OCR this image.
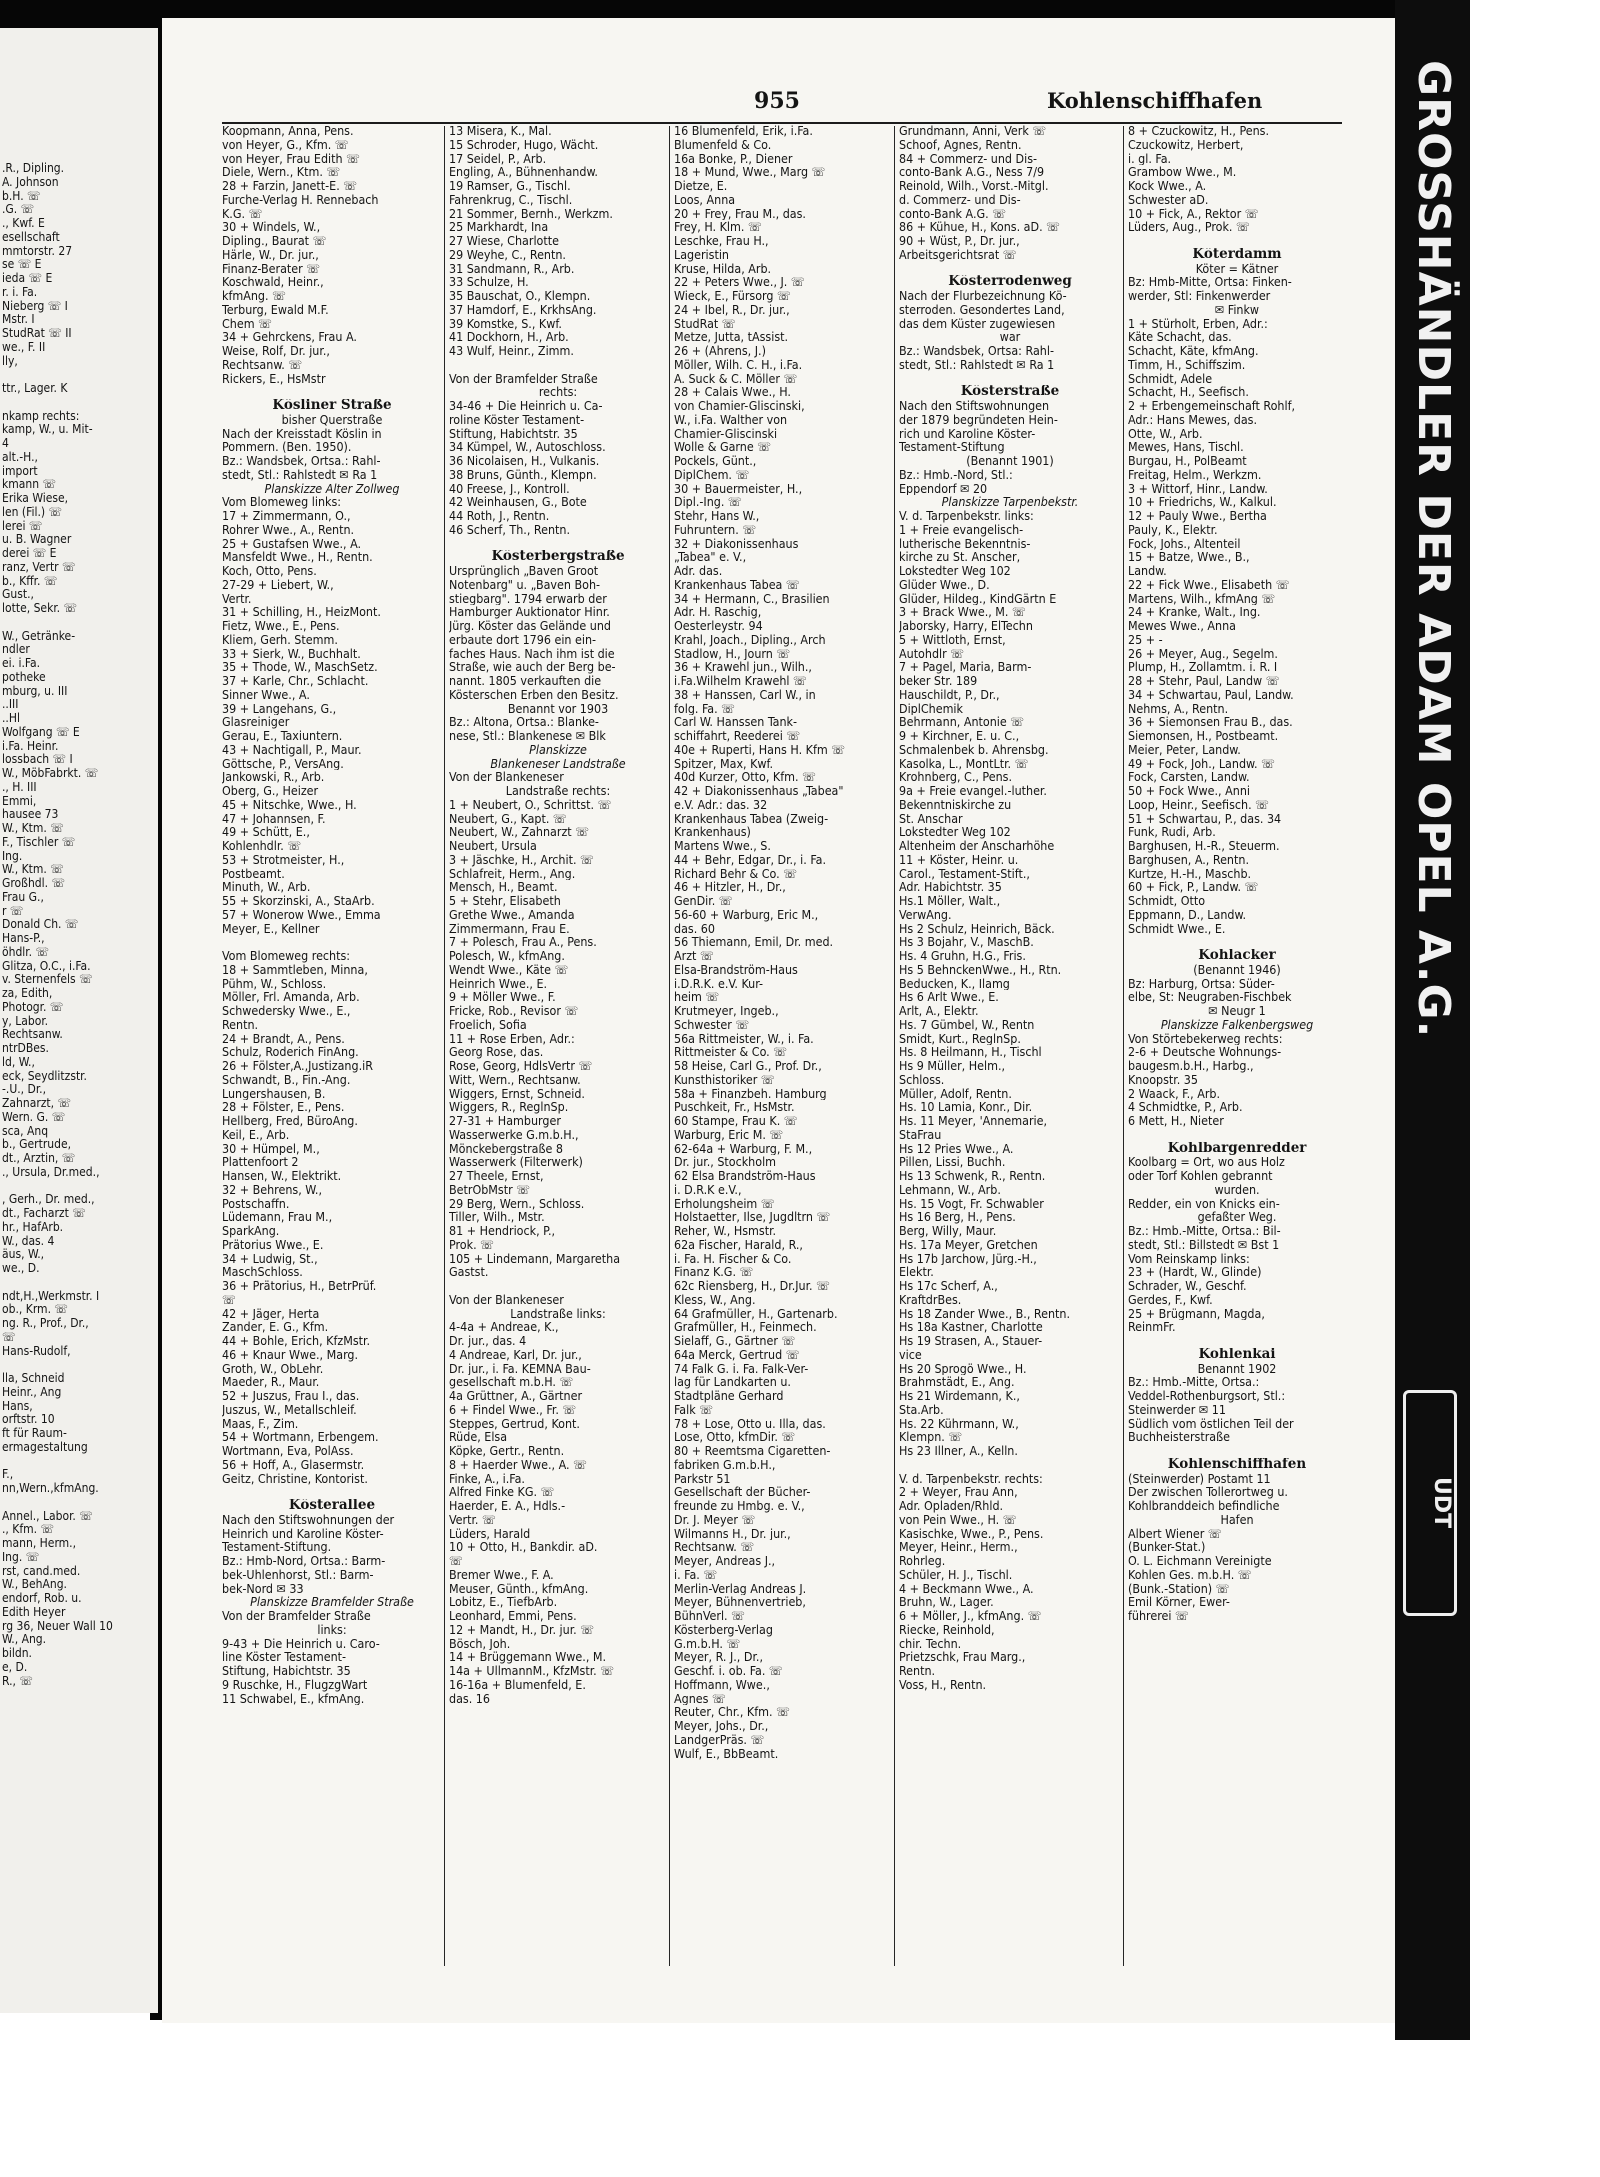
.R., Dipling.
A. Johnson
b.H. ☏
.G. ☏
., Kwf. E
esellschaft
mmtorstr. 27
se ☏ E
ieda ☏ E
r. i. Fa.
Nieberg ☏ I
Mstr. I
StudRat ☏ II
we., F. II
lly,

ttr., Lager. K

nkamp rechts:
kamp, W., u. Mit-
4
alt.-H.,
import
kmann ☏
Erika Wiese,
len (Fil.) ☏
lerei ☏
u. B. Wagner
derei ☏ E
ranz, Vertr ☏
b., Kffr. ☏
Gust.,
lotte, Sekr. ☏

W., Getränke-
ndler
ei. i.Fa.
potheke
mburg, u. III
..III
..Hl
Wolfgang ☏ E
i.Fa. Heinr.
lossbach ☏ I
W., MöbFabrkt. ☏
., H. III
Emmi,
hausee 73
W., Ktm. ☏
F., Tischler ☏
Ing.
W., Ktm. ☏
Großhdl. ☏
Frau G.,
r ☏
Donald Ch. ☏
Hans-P.,
öhdlr. ☏
Glitza, O.C., i.Fa.
v. Sternenfels ☏
za, Edith,
Photogr. ☏
y, Labor.
Rechtsanw.
ntrDBes.
ld, W.,
eck, Seydlitzstr.
-.U., Dr.,
Zahnarzt, ☏
Wern. G. ☏
sca, Anq
b., Gertrude,
dt., Arztin, ☏
., Ursula, Dr.med.,

, Gerh., Dr. med.,
dt., Facharzt ☏
hr., HafArb.
W., das. 4
äus, W.,
we., D.

ndt,H.,Werkmstr. I
ob., Krm. ☏
ng. R., Prof., Dr.,
☏
Hans-Rudolf,

lla, Schneid
Heinr., Ang
Hans,
orftstr. 10
ft für Raum-
ermagestaltung

F.,
nn,Wern.,kfmAng.

Annel., Labor. ☏
., Kfm. ☏
mann, Herm.,
Ing. ☏
rst, cand.med.
W., BehAng.
endorf, Rob. u.
Edith Heyer
rg 36, Neuer Wall 10
W., Ang.
bildn.
e, D.
R., ☏
955	Kohlenschiffhafen
Koopmann, Anna, Pens.
von Heyer, G., Kfm. ☏
von Heyer, Frau Edith ☏
Diele, Wern., Ktm. ☏
28 + Farzin, Janett-E. ☏
Furche-Verlag H. Rennebach
K.G. ☏
30 + Windels, W.,
Dipling., Baurat ☏
Härle, W., Dr. jur.,
Finanz-Berater ☏
Koschwald, Heinr.,
kfmAng. ☏
Terburg, Ewald M.F.
Chem ☏
34 + Gehrckens, Frau A.
Weise, Rolf, Dr. jur.,
Rechtsanw. ☏
Rickers, E., HsMstr

Kösliner Straße
bisher Querstraße
Nach der Kreisstadt Köslin in
Pommern. (Ben. 1950).
Bz.: Wandsbek, Ortsa.: Rahl-
stedt, Stl.: Rahlstedt ✉ Ra 1
Planskizze Alter Zollweg
Vom Blomeweg links:
17 + Zimmermann, O.,
Rohrer Wwe., A., Rentn.
25 + Gustafsen Wwe., A.
Mansfeldt Wwe., H., Rentn.
Koch, Otto, Pens.
27-29 + Liebert, W.,
Vertr.
31 + Schilling, H., HeizMont.
Fietz, Wwe., E., Pens.
Kliem, Gerh. Stemm.
33 + Sierk, W., Buchhalt.
35 + Thode, W., MaschSetz.
37 + Karle, Chr., Schlacht.
Sinner Wwe., A.
39 + Langehans, G.,
Glasreiniger
Gerau, E., Taxiuntern.
43 + Nachtigall, P., Maur.
Göttsche, P., VersAng.
Jankowski, R., Arb.
Oberg, G., Heizer
45 + Nitschke, Wwe., H.
47 + Johannsen, F.
49 + Schütt, E.,
Kohlenhdlr. ☏
53 + Strotmeister, H.,
Postbeamt.
Minuth, W., Arb.
55 + Skorzinski, A., StaArb.
57 + Wonerow Wwe., Emma
Meyer, E., Kellner

Vom Blomeweg rechts:
18 + Sammtleben, Minna,
Pühm, W., Schloss.
Möller, Frl. Amanda, Arb.
Schwedersky Wwe., E.,
Rentn.
24 + Brandt, A., Pens.
Schulz, Roderich FinAng.
26 + Fölster,A.,Justizang.iR
Schwandt, B., Fin.-Ang.
Lungershausen, B.
28 + Fölster, E., Pens.
Hellberg, Fred, BüroAng.
Keil, E., Arb.
30 + Hümpel, M.,
Plattenfoort 2
Hansen, W., Elektrikt.
32 + Behrens, W.,
Postschaffn.
Lüdemann, Frau M.,
SparkAng.
Prätorius Wwe., E.
34 + Ludwig, St.,
MaschSchloss.
36 + Prätorius, H., BetrPrüf.
☏
42 + Jäger, Herta
Zander, E. G., Kfm.
44 + Bohle, Erich, KfzMstr.
46 + Knaur Wwe., Marg.
Groth, W., ObLehr.
Maeder, R., Maur.
52 + Juszus, Frau I., das.
Juszus, W., Metallschleif.
Maas, F., Zim.
54 + Wortmann, Erbengem.
Wortmann, Eva, PolAss.
56 + Hoff, A., Glasermstr.
Geitz, Christine, Kontorist.

Kösterallee
Nach den Stiftswohnungen der
Heinrich und Karoline Köster-
Testament-Stiftung.
Bz.: Hmb-Nord, Ortsa.: Barm-
bek-Uhlenhorst, Stl.: Barm-
bek-Nord ✉ 33
Planskizze Bramfelder Straße
Von der Bramfelder Straße
links:
9-43 + Die Heinrich u. Caro-
line Köster Testament-
Stiftung, Habichtstr. 35
9 Ruschke, H., FlugzgWart
11 Schwabel, E., kfmAng.
13 Misera, K., Mal.
15 Schroder, Hugo, Wächt.
17 Seidel, P., Arb.
Engling, A., Bühnenhandw.
19 Ramser, G., Tischl.
Fahrenkrug, C., Tischl.
21 Sommer, Bernh., Werkzm.
25 Markhardt, Ina
27 Wiese, Charlotte
29 Weyhe, C., Rentn.
31 Sandmann, R., Arb.
33 Schulze, H.
35 Bauschat, O., Klempn.
37 Hamdorf, E., KrkhsAng.
39 Komstke, S., Kwf.
41 Dockhorn, H., Arb.
43 Wulf, Heinr., Zimm.

Von der Bramfelder Straße
rechts:
34-46 + Die Heinrich u. Ca-
roline Köster Testament-
Stiftung, Habichtstr. 35
34 Kümpel, W., Autoschloss.
36 Nicolaisen, H., Vulkanis.
38 Bruns, Günth., Klempn.
40 Freese, J., Kontroll.
42 Weinhausen, G., Bote
44 Roth, J., Rentn.
46 Scherf, Th., Rentn.

Kösterbergstraße
Ursprünglich „Baven Groot
Notenbarg" u. „Baven Boh-
stiegbarg". 1794 erwarb der
Hamburger Auktionator Hinr.
Jürg. Köster das Gelände und
erbaute dort 1796 ein ein-
faches Haus. Nach ihm ist die
Straße, wie auch der Berg be-
nannt. 1805 verkauften die
Kösterschen Erben den Besitz.
Benannt vor 1903
Bz.: Altona, Ortsa.: Blanke-
nese, Stl.: Blankenese ✉ Blk
Planskizze
Blankeneser Landstraße
Von der Blankeneser
Landstraße rechts:
1 + Neubert, O., Schrittst. ☏
Neubert, G., Kapt. ☏
Neubert, W., Zahnarzt ☏
Neubert, Ursula
3 + Jäschke, H., Archit. ☏
Schlafreit, Herm., Ang.
Mensch, H., Beamt.
5 + Stehr, Elisabeth
Grethe Wwe., Amanda
Zimmermann, Frau E.
7 + Polesch, Frau A., Pens.
Polesch, W., kfmAng.
Wendt Wwe., Käte ☏
Heinrich Wwe., E.
9 + Möller Wwe., F.
Fricke, Rob., Revisor ☏
Froelich, Sofia
11 + Rose Erben, Adr.:
Georg Rose, das.
Rose, Georg, HdlsVertr ☏
Witt, Wern., Rechtsanw.
Wiggers, Ernst, Schneid.
Wiggers, R., ReglnSp.
27-31 + Hamburger
Wasserwerke G.m.b.H.,
Mönckebergstraße 8
Wasserwerk (Filterwerk)
27 Theele, Ernst,
BetrObMstr ☏
29 Berg, Wern., Schloss.
Tiller, Wilh., Mstr.
81 + Hendriock, P.,
Prok. ☏
105 + Lindemann, Margaretha
Gastst.

Von der Blankeneser
Landstraße links:
4-4a + Andreae, K.,
Dr. jur., das. 4
4 Andreae, Karl, Dr. jur.,
Dr. jur., i. Fa. KEMNA Bau-
gesellschaft m.b.H. ☏
4a Grüttner, A., Gärtner
6 + Findel Wwe., Fr. ☏
Steppes, Gertrud, Kont.
Rüde, Elsa
Köpke, Gertr., Rentn.
8 + Haerder Wwe., A. ☏
Finke, A., i.Fa.
Alfred Finke KG. ☏
Haerder, E. A., Hdls.-
Vertr. ☏
Lüders, Harald
10 + Otto, H., Bankdir. aD.
☏
Bremer Wwe., F. A.
Meuser, Günth., kfmAng.
Lobitz, E., TiefbArb.
Leonhard, Emmi, Pens.
12 + Mandt, H., Dr. jur. ☏
Bösch, Joh.
14 + Brüggemann Wwe., M.
14a + UllmannM., KfzMstr. ☏
16-16a + Blumenfeld, E.
das. 16
16 Blumenfeld, Erik, i.Fa.
Blumenfeld & Co.
16a Bonke, P., Diener
18 + Mund, Wwe., Marg ☏
Dietze, E.
Loos, Anna
20 + Frey, Frau M., das.
Frey, H. Klm. ☏
Leschke, Frau H.,
Lageristin
Kruse, Hilda, Arb.
22 + Peters Wwe., J. ☏
Wieck, E., Fürsorg ☏
24 + Ibel, R., Dr. jur.,
StudRat ☏
Metze, Jutta, tAssist.
26 + (Ahrens, J.)
Möller, Wilh. C. H., i.Fa.
A. Suck & C. Möller ☏
28 + Calais Wwe., H.
von Chamier-Gliscinski,
W., i.Fa. Walther von
Chamier-Gliscinski
Wolle & Garne ☏
Pockels, Günt.,
DiplChem. ☏
30 + Bauermeister, H.,
Dipl.-Ing. ☏
Stehr, Hans W.,
Fuhruntern. ☏
32 + Diakonissenhaus
„Tabea" e. V.,
Adr. das.
Krankenhaus Tabea ☏
34 + Hermann, C., Brasilien
Adr. H. Raschig,
Oesterleystr. 94
Krahl, Joach., Dipling., Arch
Stadlow, H., Journ ☏
36 + Krawehl jun., Wilh.,
i.Fa.Wilhelm Krawehl ☏
38 + Hanssen, Carl W., in
folg. Fa. ☏
Carl W. Hanssen Tank-
schiffahrt, Reederei ☏
40e + Ruperti, Hans H. Kfm ☏
Spitzer, Max, Kwf.
40d Kurzer, Otto, Kfm. ☏
42 + Diakonissenhaus „Tabea"
e.V. Adr.: das. 32
Krankenhaus Tabea (Zweig-
Krankenhaus)
Martens Wwe., S.
44 + Behr, Edgar, Dr., i. Fa.
Richard Behr & Co. ☏
46 + Hitzler, H., Dr.,
GenDir. ☏
56-60 + Warburg, Eric M.,
das. 60
56 Thiemann, Emil, Dr. med.
Arzt ☏
Elsa-Brandström-Haus
i.D.R.K. e.V. Kur-
heim ☏
Krutmeyer, Ingeb.,
Schwester ☏
56a Rittmeister, W., i. Fa.
Rittmeister & Co. ☏
58 Heise, Carl G., Prof. Dr.,
Kunsthistoriker ☏
58a + Finanzbeh. Hamburg
Puschkeit, Fr., HsMstr.
60 Stampe, Frau K. ☏
Warburg, Eric M. ☏
62-64a + Warburg, F. M.,
Dr. jur., Stockholm
62 Elsa Brandström-Haus
i. D.R.K e.V.,
Erholungsheim ☏
Holstaetter, Ilse, Jugdltrn ☏
Reher, W., Hsmstr.
62a Fischer, Harald, R.,
i. Fa. H. Fischer & Co.
Finanz K.G. ☏
62c Riensberg, H., Dr.Jur. ☏
Kless, W., Ang.
64 Grafmüller, H., Gartenarb.
Grafmüller, H., Feinmech.
Sielaff, G., Gärtner ☏
64a Merck, Gertrud ☏
74 Falk G. i. Fa. Falk-Ver-
lag für Landkarten u.
Stadtpläne Gerhard
Falk ☏
78 + Lose, Otto u. Illa, das.
Lose, Otto, kfmDir. ☏
80 + Reemtsma Cigaretten-
fabriken G.m.b.H.,
Parkstr 51
Gesellschaft der Bücher-
freunde zu Hmbg. e. V.,
Dr. J. Meyer ☏
Wilmanns H., Dr. jur.,
Rechtsanw. ☏
Meyer, Andreas J.,
i. Fa. ☏
Merlin-Verlag Andreas J.
Meyer, Bühnenvertrieb,
BühnVerl. ☏
Kösterberg-Verlag
G.m.b.H. ☏
Meyer, R. J., Dr.,
Geschf. i. ob. Fa. ☏
Hoffmann, Wwe.,
Agnes ☏
Reuter, Chr., Kfm. ☏
Meyer, Johs., Dr.,
LandgerPräs. ☏
Wulf, E., BbBeamt.
Grundmann, Anni, Verk ☏
Schoof, Agnes, Rentn.
84 + Commerz- und Dis-
conto-Bank A.G., Ness 7/9
Reinold, Wilh., Vorst.-Mitgl.
d. Commerz- und Dis-
conto-Bank A.G. ☏
86 + Kühue, H., Kons. aD. ☏
90 + Wüst, P., Dr. jur.,
Arbeitsgerichtsrat ☏

Kösterrodenweg
Nach der Flurbezeichnung Kö-
sterroden. Gesondertes Land,
das dem Küster zugewiesen
war
Bz.: Wandsbek, Ortsa: Rahl-
stedt, Stl.: Rahlstedt ✉ Ra 1

Kösterstraße
Nach den Stiftswohnungen
der 1879 begründeten Hein-
rich und Karoline Köster-
Testament-Stiftung
(Benannt 1901)
Bz.: Hmb.-Nord, Stl.:
Eppendorf ✉ 20
Planskizze Tarpenbekstr.
V. d. Tarpenbekstr. links:
1 + Freie evangelisch-
lutherische Bekenntnis-
kirche zu St. Anscher,
Lokstedter Weg 102
Glüder Wwe., D.
Glüder, Hildeg., KindGärtn E
3 + Brack Wwe., M. ☏
Jaborsky, Harry, ElTechn
5 + Wittloth, Ernst,
Autohdlr ☏
7 + Pagel, Maria, Barm-
beker Str. 189
Hauschildt, P., Dr.,
DiplChemik
Behrmann, Antonie ☏
9 + Kirchner, E. u. C.,
Schmalenbek b. Ahrensbg.
Kasolka, L., MontLtr. ☏
Krohnberg, C., Pens.
9a + Freie evangel.-luther.
Bekenntniskirche zu
St. Anschar
Lokstedter Weg 102
Altenheim der Anscharhöhe
11 + Köster, Heinr. u.
Carol., Testament-Stift.,
Adr. Habichtstr. 35
Hs.1 Möller, Walt.,
VerwAng.
Hs 2 Schulz, Heinrich, Bäck.
Hs 3 Bojahr, V., MaschB.
Hs. 4 Gruhn, H.G., Fris.
Hs 5 BehnckenWwe., H., Rtn.
Beducken, K., Ilamg
Hs 6 Arlt Wwe., E.
Arlt, A., Elektr.
Hs. 7 Gümbel, W., Rentn
Smidt, Kurt., ReglnSp.
Hs. 8 Heilmann, H., Tischl
Hs 9 Müller, Helm.,
Schloss.
Müller, Adolf, Rentn.
Hs. 10 Lamia, Konr., Dir.
Hs. 11 Meyer, 'Annemarie,
StaFrau
Hs 12 Pries Wwe., A.
Pillen, Lissi, Buchh.
Hs 13 Schwenk, R., Rentn.
Lehmann, W., Arb.
Hs. 15 Vogt, Fr. Schwabler
Hs 16 Berg, H., Pens.
Berg, Willy, Maur.
Hs. 17a Meyer, Gretchen
Hs 17b Jarchow, Jürg.-H.,
Elektr.
Hs 17c Scherf, A.,
KraftdrBes.
Hs 18 Zander Wwe., B., Rentn.
Hs 18a Kastner, Charlotte
Hs 19 Strasen, A., Stauer-
vice
Hs 20 Sprogö Wwe., H.
Brahmstädt, E., Ang.
Hs 21 Wirdemann, K.,
Sta.Arb.
Hs. 22 Kührmann, W.,
Klempn. ☏
Hs 23 Illner, A., Kelln.

V. d. Tarpenbekstr. rechts:
2 + Weyer, Frau Ann,
Adr. Opladen/Rhld.
von Pein Wwe., H. ☏
Kasischke, Wwe., P., Pens.
Meyer, Heinr., Herm.,
Rohrleg.
Schüler, H. J., Tischl.
4 + Beckmann Wwe., A.
Bruhn, W., Lager.
6 + Möller, J., kfmAng. ☏
Riecke, Reinhold,
chir. Techn.
Prietzschk, Frau Marg.,
Rentn.
Voss, H., Rentn.
8 + Czuckowitz, H., Pens.
Czuckowitz, Herbert,
i. gl. Fa.
Grambow Wwe., M.
Kock Wwe., A.
Schwester aD.
10 + Fick, A., Rektor ☏
Lüders, Aug., Prok. ☏

Köterdamm
Köter = Kätner
Bz: Hmb-Mitte, Ortsa: Finken-
werder, Stl: Finkenwerder
✉ Finkw
1 + Stürholt, Erben, Adr.:
Käte Schacht, das.
Schacht, Käte, kfmAng.
Timm, H., Schiffszim.
Schmidt, Adele
Schacht, H., Seefisch.
2 + Erbengemeinschaft Rohlf,
Adr.: Hans Mewes, das.
Otte, W., Arb.
Mewes, Hans, Tischl.
Burgau, H., PolBeamt
Freitag, Helm., Werkzm.
3 + Wittorf, Hinr., Landw.
10 + Friedrichs, W., Kalkul.
12 + Pauly Wwe., Bertha
Pauly, K., Elektr.
Fock, Johs., Altenteil
15 + Batze, Wwe., B.,
Landw.
22 + Fick Wwe., Elisabeth ☏
Martens, Wilh., kfmAng ☏
24 + Kranke, Walt., Ing.
Mewes Wwe., Anna
25 + -
26 + Meyer, Aug., Segelm.
Plump, H., Zollamtm. i. R. I
28 + Stehr, Paul, Landw ☏
34 + Schwartau, Paul, Landw.
Nehms, A., Rentn.
36 + Siemonsen Frau B., das.
Siemonsen, H., Postbeamt.
Meier, Peter, Landw.
49 + Fock, Joh., Landw. ☏
Fock, Carsten, Landw.
50 + Fock Wwe., Anni
Loop, Heinr., Seefisch. ☏
51 + Schwartau, P., das. 34
Funk, Rudi, Arb.
Barghusen, H.-R., Steuerm.
Barghusen, A., Rentn.
Kurtze, H.-H., Maschb.
60 + Fick, P., Landw. ☏
Schmidt, Otto
Eppmann, D., Landw.
Schmidt Wwe., E.

Kohlacker
(Benannt 1946)
Bz: Harburg, Ortsa: Süder-
elbe, St: Neugraben-Fischbek
✉ Neugr 1
Planskizze Falkenbergsweg
Von Störtebekerweg rechts:
2-6 + Deutsche Wohnungs-
baugesm.b.H., Harbg.,
Knoopstr. 35
2 Waack, F., Arb.
4 Schmidtke, P., Arb.
6 Mett, H., Nieter

Kohlbargenredder
Koolbarg = Ort, wo aus Holz
oder Torf Kohlen gebrannt
wurden.
Redder, ein von Knicks ein-
gefaßter Weg.
Bz.: Hmb.-Mitte, Ortsa.: Bil-
stedt, Stl.: Billstedt ✉ Bst 1
Vom Reinskamp links:
23 + (Hardt, W., Glinde)
Schrader, W., Geschf.
Gerdes, F., Kwf.
25 + Brügmann, Magda,
ReinmFr.

Kohlenkai
Benannt 1902
Bz.: Hmb.-Mitte, Ortsa.:
Veddel-Rothenburgsort, Stl.:
Steinwerder ✉ 11
Südlich vom östlichen Teil der
Buchheisterstraße

Kohlenschiffhafen
(Steinwerder) Postamt 11
Der zwischen Tollerortweg u.
Kohlbranddeich befindliche
Hafen
Albert Wiener ☏
(Bunker-Stat.)
O. L. Eichmann Vereinigte
Kohlen Ges. m.b.H. ☏
(Bunk.-Station) ☏
Emil Körner, Ewer-
führerei ☏
GROSSHÄNDLER DER ADAM OPEL A.G.
UDT
